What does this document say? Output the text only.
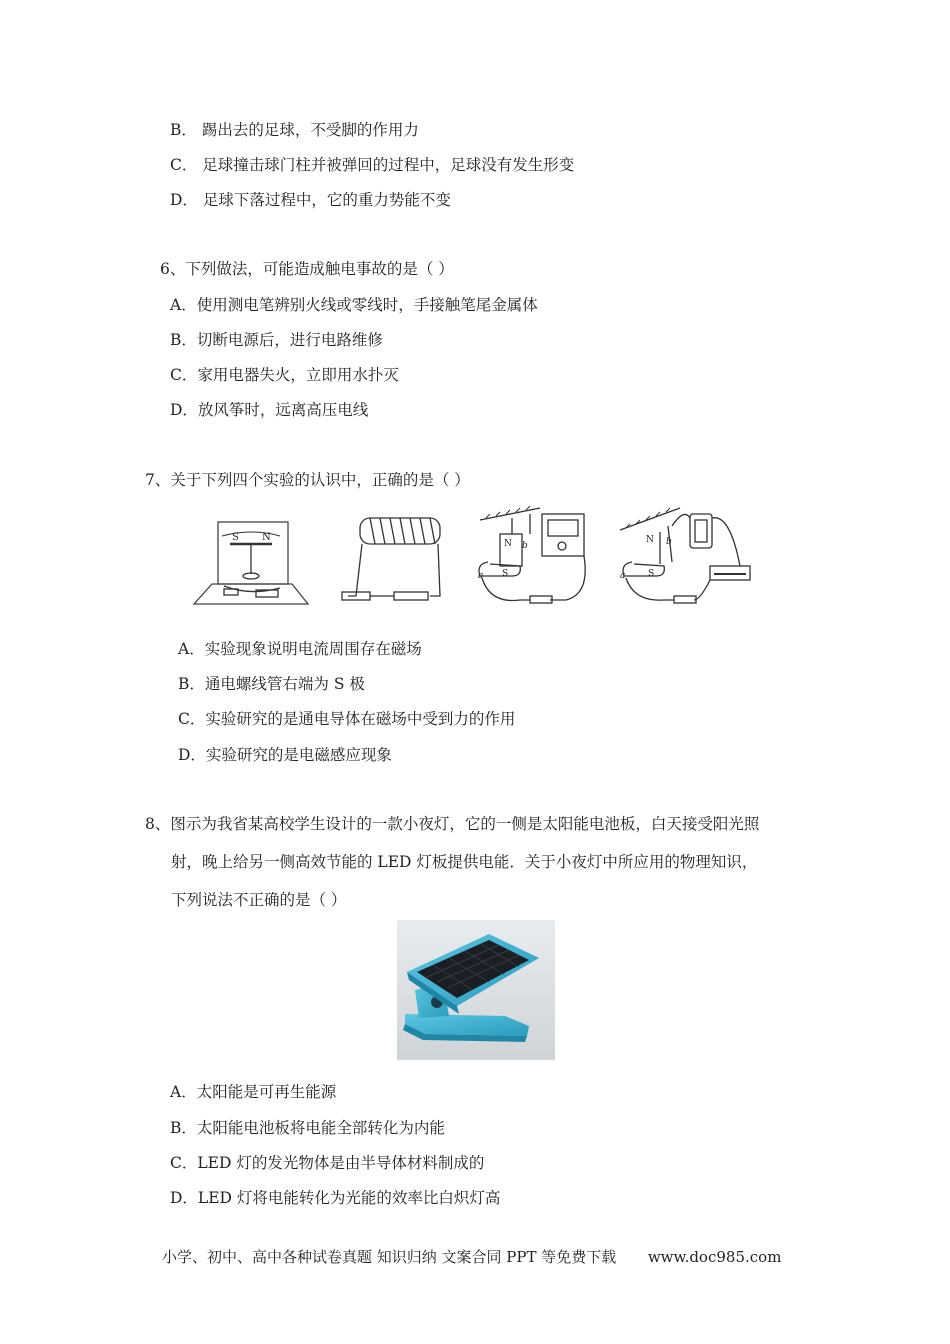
B． 踢出去的足球，不受脚的作用力
C． 足球撞击球门柱并被弹回的过程中，足球没有发生形变
D． 足球下落过程中，它的重力势能不变
6、下列做法，可能造成触电事故的是（ ）
A．使用测电笔辨别火线或零线时，手接触笔尾金属体
B．切断电源后，进行电路维修
C．家用电器失火，立即用水扑灭
D．放风筝时，远离高压电线
7、关于下列四个实验的认识中，正确的是（ ）
S N
N b
a S
N b
a	S
A．实验现象说明电流周围存在磁场
B．通电螺线管右端为 S 极
C．实验研究的是通电导体在磁场中受到力的作用
D．实验研究的是电磁感应现象
8、图示为我省某高校学生设计的一款小夜灯，它的一侧是太阳能电池板，白天接受阳光照
射，晚上给另一侧高效节能的 LED 灯板提供电能．关于小夜灯中所应用的物理知识，
下列说法不正确的是（ ）
A．太阳能是可再生能源
B．太阳能电池板将电能全部转化为内能
C．LED 灯的发光物体是由半导体材料制成的
D．LED 灯将电能转化为光能的效率比白炽灯高
小学、初中、高中各种试卷真题 知识归纳 文案合同 PPT 等免费下载 www.doc985.com
